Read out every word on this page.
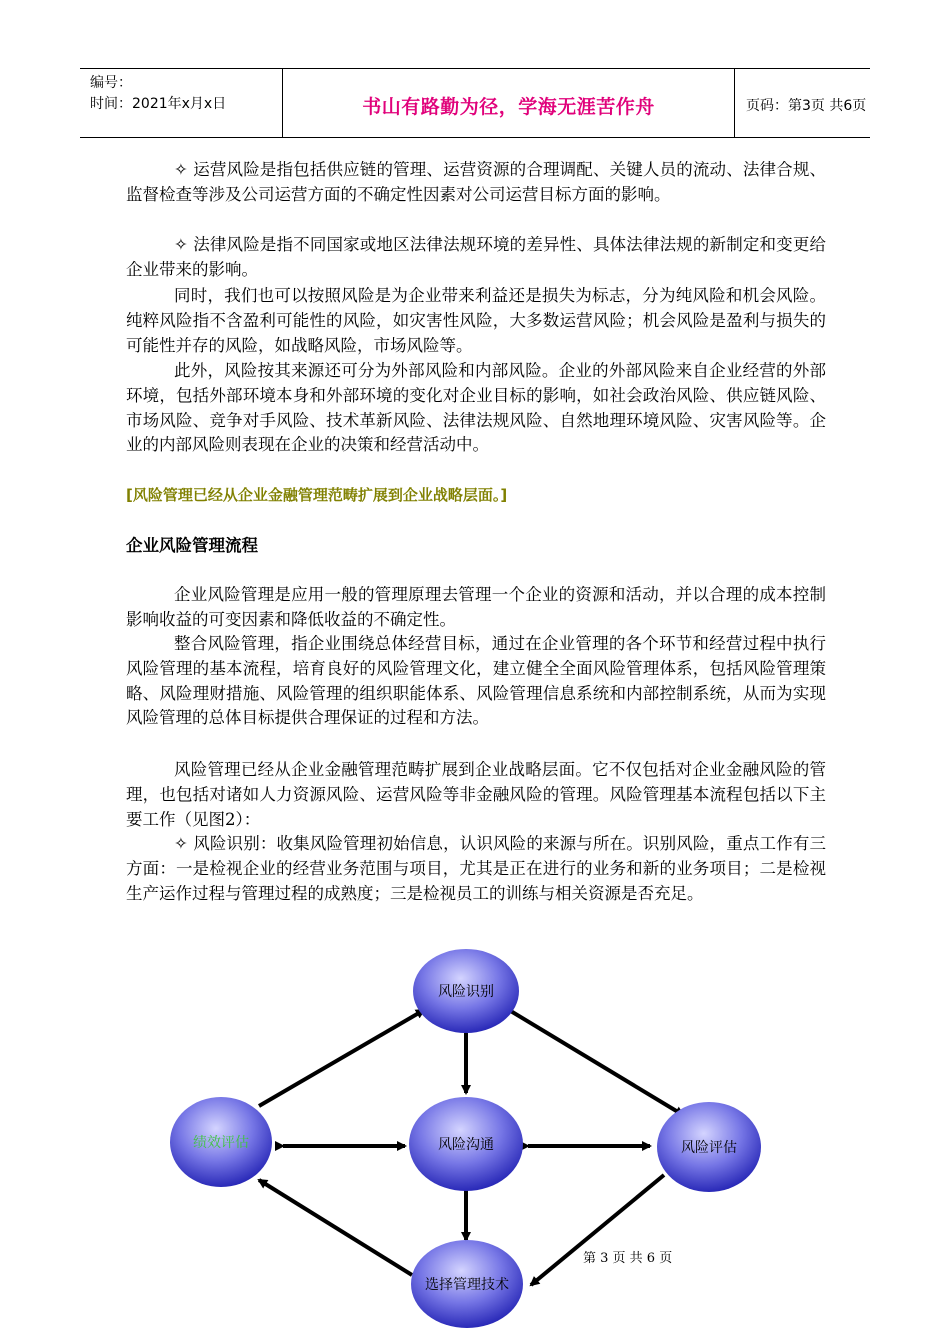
编号：
时间：2021年x月x日	书山有路勤为径，学海无涯苦作舟	页码：第3页 共6页
✧ 运营风险是指包括供应链的管理、运营资源的合理调配、关键人员的流动、法律合规、监督检查等涉及公司运营方面的不确定性因素对公司运营目标方面的影响。
✧ 法律风险是指不同国家或地区法律法规环境的差异性、具体法律法规的新制定和变更给企业带来的影响。
同时，我们也可以按照风险是为企业带来利益还是损失为标志，分为纯风险和机会风险。纯粹风险指不含盈利可能性的风险，如灾害性风险，大多数运营风险；机会风险是盈利与损失的可能性并存的风险，如战略风险，市场风险等。
此外，风险按其来源还可分为外部风险和内部风险。企业的外部风险来自企业经营的外部环境，包括外部环境本身和外部环境的变化对企业目标的影响，如社会政治风险、供应链风险、市场风险、竞争对手风险、技术革新风险、法律法规风险、自然地理环境风险、灾害风险等。企业的内部风险则表现在企业的决策和经营活动中。
[风险管理已经从企业金融管理范畴扩展到企业战略层面。]
企业风险管理流程
企业风险管理是应用一般的管理原理去管理一个企业的资源和活动，并以合理的成本控制影响收益的可变因素和降低收益的不确定性。
整合风险管理，指企业围绕总体经营目标，通过在企业管理的各个环节和经营过程中执行风险管理的基本流程，培育良好的风险管理文化，建立健全全面风险管理体系，包括风险管理策略、风险理财措施、风险管理的组织职能体系、风险管理信息系统和内部控制系统，从而为实现风险管理的总体目标提供合理保证的过程和方法。
风险管理已经从企业金融管理范畴扩展到企业战略层面。它不仅包括对企业金融风险的管理，也包括对诸如人力资源风险、运营风险等非金融风险的管理。风险管理基本流程包括以下主要工作（见图2）：
✧ 风险识别：收集风险管理初始信息，认识风险的来源与所在。识别风险，重点工作有三方面：一是检视企业的经营业务范围与项目，尤其是正在进行的业务和新的业务项目；二是检视生产运作过程与管理过程的成熟度；三是检视员工的训练与相关资源是否充足。
风险识别
风险沟通	风险评估
选择管理技术
绩效评估
第 3 页 共 6 页
